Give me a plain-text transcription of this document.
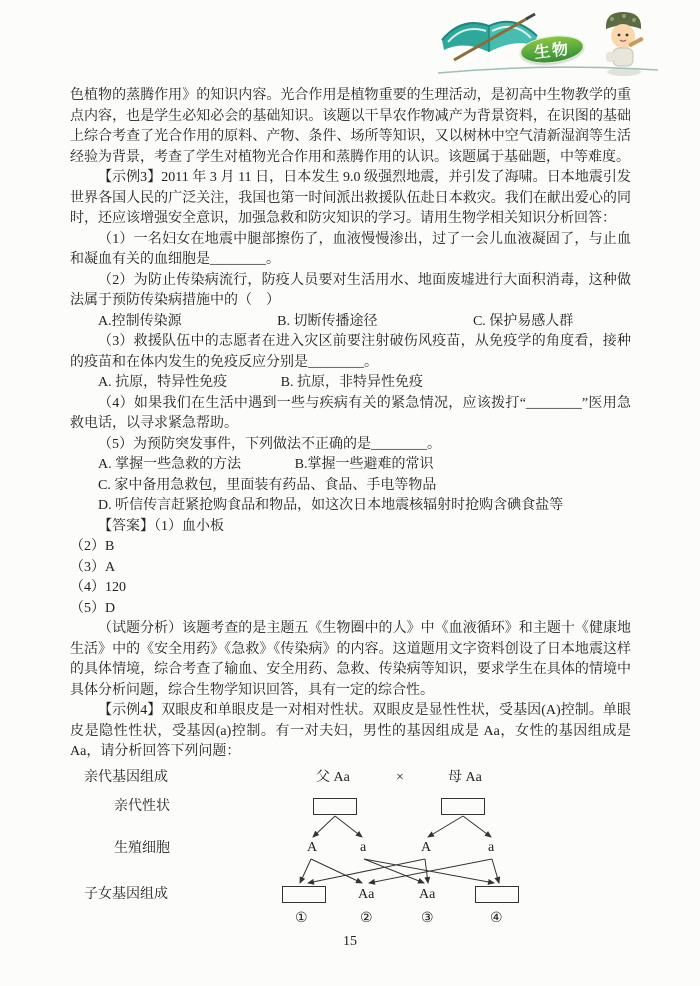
生物

色植物的蒸腾作用》的知识内容。光合作用是植物重要的生理活动，是初高中生物教学的重点内容，也是学生必知必会的基础知识。该题以干旱农作物减产为背景资料，在识图的基础上综合考查了光合作用的原料、产物、条件、场所等知识，又以树林中空气清新湿润等生活经验为背景，考查了学生对植物光合作用和蒸腾作用的认识。该题属于基础题，中等难度。

【示例3】2011 年 3 月 11 日，日本发生 9.0 级强烈地震，并引发了海啸。日本地震引发世界各国人民的广泛关注，我国也第一时间派出救援队伍赴日本救灾。我们在献出爱心的同时，还应该增强安全意识，加强急救和防灾知识的学习。请用生物学相关知识分析回答：

（1）一名妇女在地震中腿部擦伤了，血液慢慢渗出，过了一会儿血液凝固了，与止血和凝血有关的血细胞是________。

（2）为防止传染病流行，防疫人员要对生活用水、地面废墟进行大面积消毒，这种做法属于预防传染病措施中的（　）

A.控制传染源	B. 切断传播途径	C. 保护易感人群

（3）救援队伍中的志愿者在进入灾区前要注射破伤风疫苗，从免疫学的角度看，接种的疫苗和在体内发生的免疫反应分别是________。

A. 抗原，特异性免疫	B. 抗原，非特异性免疫

（4）如果我们在生活中遇到一些与疾病有关的紧急情况，应该拨打“________”医用急救电话，以寻求紧急帮助。

（5）为预防突发事件，下列做法不正确的是________。

A. 掌握一些急救的方法	B.掌握一些避难的常识

C. 家中备用急救包，里面装有药品、食品、手电等物品

D. 听信传言赶紧抢购食品和物品，如这次日本地震核辐射时抢购含碘食盐等

【答案】（1）血小板

（2）B

（3）A

（4）120

（5）D

（试题分析）该题考查的是主题五《生物圈中的人》中《血液循环》和主题十《健康地生活》中的《安全用药》《急救》《传染病》的内容。这道题用文字资料创设了日本地震这样的具体情境，综合考查了输血、安全用药、急救、传染病等知识，要求学生在具体的情境中具体分析问题，综合生物学知识回答，具有一定的综合性。

【示例4】双眼皮和单眼皮是一对相对性状。双眼皮是显性性状，受基因(A)控制。单眼皮是隐性性状，受基因(a)控制。有一对夫妇，男性的基因组成是 Aa，女性的基因组成是 Aa，请分析回答下列问题：

亲代基因组成	父 Aa	×	母 Aa
亲代性状
生殖细胞	A	a	A	a
子女基因组成	Aa	Aa
①	②	③	④
15
